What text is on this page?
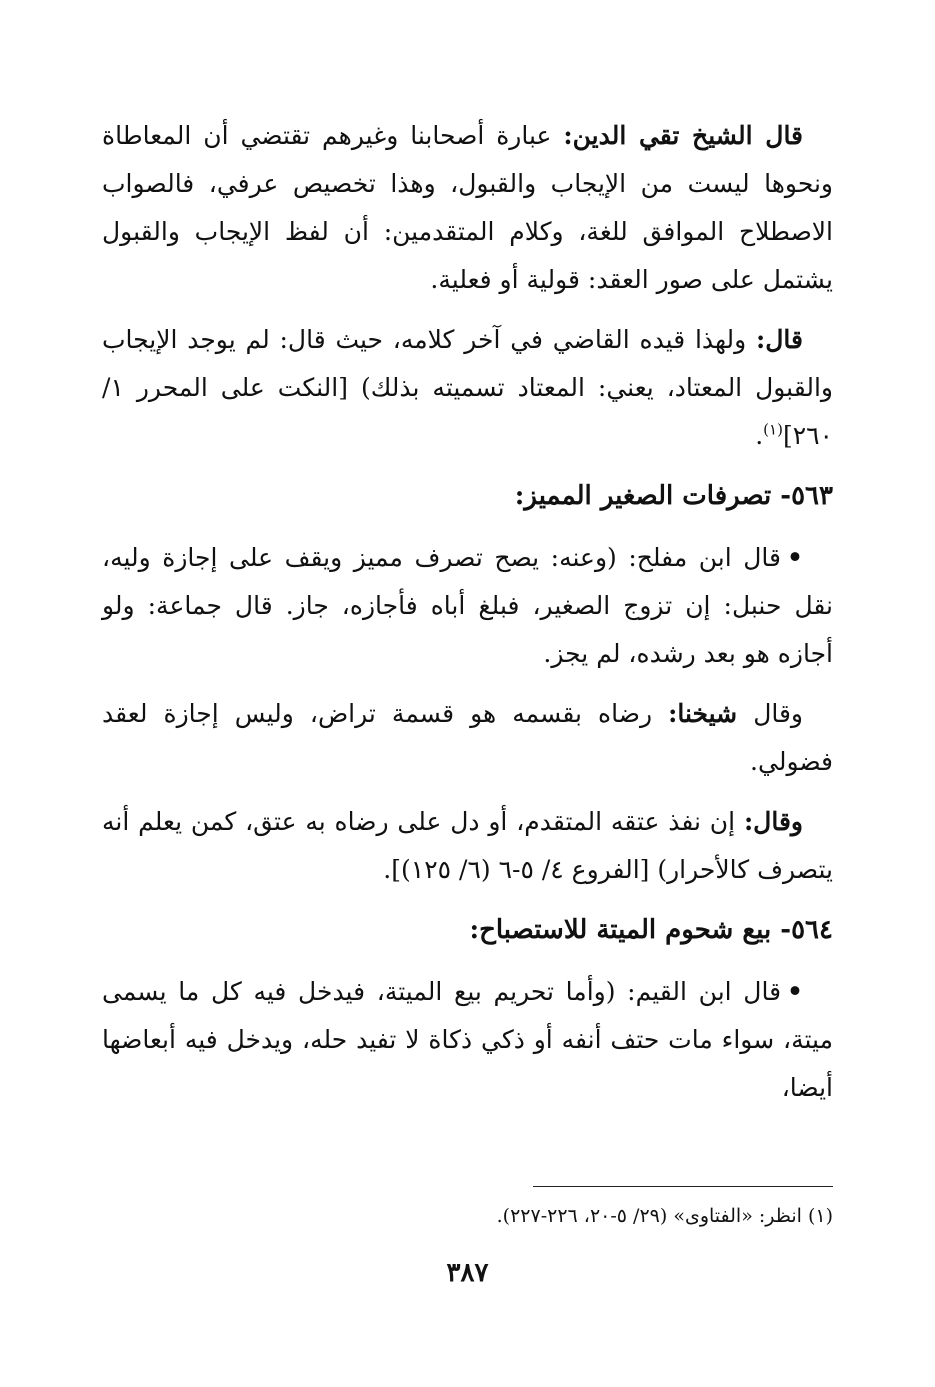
قال الشيخ تقي الدين: عبارة أصحابنا وغيرهم تقتضي أن المعاطاة ونحوها ليست من الإيجاب والقبول، وهذا تخصيص عرفي، فالصواب الاصطلاح الموافق للغة، وكلام المتقدمين: أن لفظ الإيجاب والقبول يشتمل على صور العقد: قولية أو فعلية.

قال: ولهذا قيده القاضي في آخر كلامه، حيث قال: لم يوجد الإيجاب والقبول المعتاد، يعني: المعتاد تسميته بذلك) [النكت على المحرر ١/ ٢٦٠]$^{(١)}$.

٥٦٣- تصرفات الصغير المميز:

•قال ابن مفلح: (وعنه: يصح تصرف مميز ويقف على إجازة وليه، نقل حنبل: إن تزوج الصغير، فبلغ أباه فأجازه، جاز. قال جماعة: ولو أجازه هو بعد رشده، لم يجز.

وقال شيخنا: رضاه بقسمه هو قسمة تراض، وليس إجازة لعقد فضولي.

وقال: إن نفذ عتقه المتقدم، أو دل على رضاه به عتق، كمن يعلم أنه يتصرف كالأحرار) [الفروع ٤/ ٥-٦ (٦/ ١٢٥)].

٥٦٤- بيع شحوم الميتة للاستصباح:

•قال ابن القيم: (وأما تحريم بيع الميتة، فيدخل فيه كل ما يسمى ميتة، سواء مات حتف أنفه أو ذكي ذكاة لا تفيد حله، ويدخل فيه أبعاضها أيضا،

(١) انظر: «الفتاوى» (٢٩/ ٥-٢٠، ٢٢٦-٢٢٧).
٣٨٧
